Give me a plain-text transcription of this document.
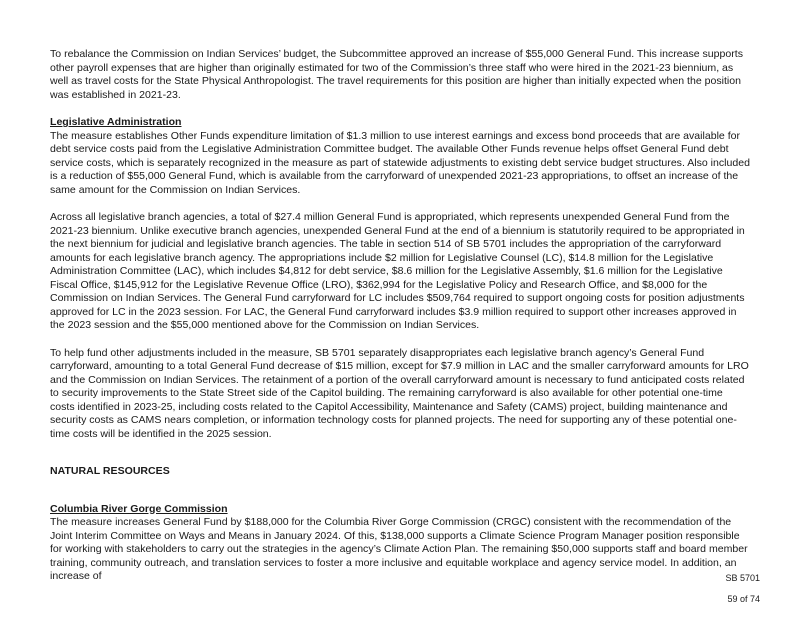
To rebalance the Commission on Indian Services’ budget, the Subcommittee approved an increase of $55,000 General Fund. This increase supports other payroll expenses that are higher than originally estimated for two of the Commission’s three staff who were hired in the 2021-23 biennium, as well as travel costs for the State Physical Anthropologist. The travel requirements for this position are higher than initially expected when the position was established in 2021-23.

Legislative Administration

The measure establishes Other Funds expenditure limitation of $1.3 million to use interest earnings and excess bond proceeds that are available for debt service costs paid from the Legislative Administration Committee budget. The available Other Funds revenue helps offset General Fund debt service costs, which is separately recognized in the measure as part of statewide adjustments to existing debt service budget structures. Also included is a reduction of $55,000 General Fund, which is available from the carryforward of unexpended 2021-23 appropriations, to offset an increase of the same amount for the Commission on Indian Services.

Across all legislative branch agencies, a total of $27.4 million General Fund is appropriated, which represents unexpended General Fund from the 2021-23 biennium. Unlike executive branch agencies, unexpended General Fund at the end of a biennium is statutorily required to be appropriated in the next biennium for judicial and legislative branch agencies. The table in section 514 of SB 5701 includes the appropriation of the carryforward amounts for each legislative branch agency. The appropriations include $2 million for Legislative Counsel (LC), $14.8 million for the Legislative Administration Committee (LAC), which includes $4,812 for debt service, $8.6 million for the Legislative Assembly, $1.6 million for the Legislative Fiscal Office, $145,912 for the Legislative Revenue Office (LRO), $362,994 for the Legislative Policy and Research Office, and $8,000 for the Commission on Indian Services. The General Fund carryforward for LC includes $509,764 required to support ongoing costs for position adjustments approved for LC in the 2023 session. For LAC, the General Fund carryforward includes $3.9 million required to support other increases approved in the 2023 session and the $55,000 mentioned above for the Commission on Indian Services.

To help fund other adjustments included in the measure, SB 5701 separately disappropriates each legislative branch agency’s General Fund carryforward, amounting to a total General Fund decrease of $15 million, except for $7.9 million in LAC and the smaller carryforward amounts for LRO and the Commission on Indian Services. The retainment of a portion of the overall carryforward amount is necessary to fund anticipated costs related to security improvements to the State Street side of the Capitol building. The remaining carryforward is also available for other potential one-time costs identified in 2023-25, including costs related to the Capitol Accessibility, Maintenance and Safety (CAMS) project, building maintenance and security costs as CAMS nears completion, or information technology costs for planned projects. The need for supporting any of these potential one-time costs will be identified in the 2025 session.

NATURAL RESOURCES
Columbia River Gorge Commission

The measure increases General Fund by $188,000 for the Columbia River Gorge Commission (CRGC) consistent with the recommendation of the Joint Interim Committee on Ways and Means in January 2024. Of this, $138,000 supports a Climate Science Program Manager position responsible for working with stakeholders to carry out the strategies in the agency’s Climate Action Plan. The remaining $50,000 supports staff and board member training, community outreach, and translation services to foster a more inclusive and equitable workplace and agency service model. In addition, an increase of	SB 5701
59 of 74
